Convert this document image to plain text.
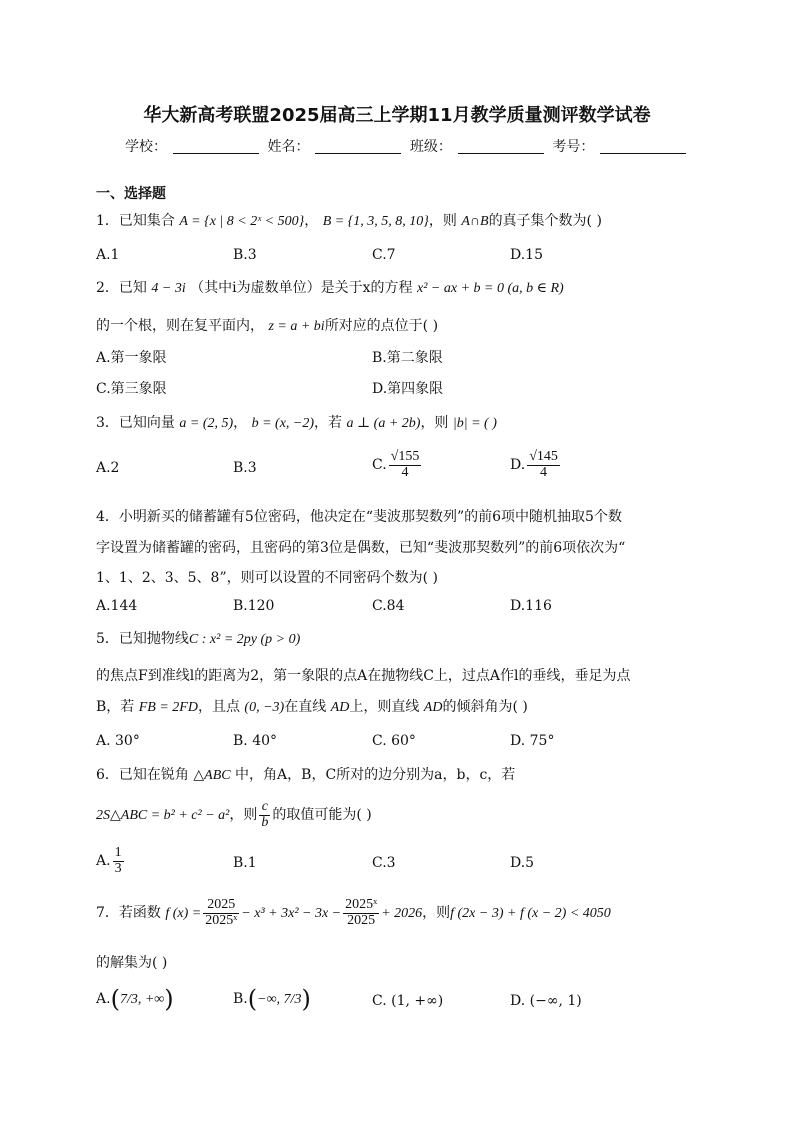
华大新高考联盟2025届高三上学期11月教学质量测评数学试卷
学校：	姓名：	班级：	考号：
一、选择题
1．已知集合 A = {x | 8 < 2ˣ < 500}， B = {1, 3, 5, 8, 10}，则 A∩B的真子集个数为( )
A.1	B.3	C.7	D.15
2．已知 4 − 3i （其中i为虚数单位）是关于x的方程 x² − ax + b = 0 (a, b ∈ R)
的一个根，则在复平面内， z = a + bi所对应的点位于( )
A.第一象限	B.第二象限
C.第三象限	D.第四象限
3．已知向量 a = (2, 5)， b = (x, −2)，若 a ⊥ (a + 2b)，则 |b| = ( )
A.2	B.3	C. $\frac{√155}{4}$	D. $\frac{√145}{4}$
4．小明新买的储蓄罐有5位密码，他决定在“斐波那契数列”的前6项中随机抽取5个数
字设置为储蓄罐的密码，且密码的第3位是偶数，已知“斐波那契数列”的前6项依次为“
1、1、2、3、5、8”，则可以设置的不同密码个数为( )
A.144	B.120	C.84	D.116
5．已知抛物线C : x² = 2py (p > 0)
的焦点F到准线l的距离为2，第一象限的点A在抛物线C上，过点A作l的垂线，垂足为点
B，若 FB = 2FD，且点 (0, −3)在直线 AD上，则直线 AD的倾斜角为( )
A. 30°	B. 40°	C. 60°	D. 75°
6．已知在锐角 △ABC 中，角A，B，C所对的边分别为a，b，c，若
2S△ABC = b² + c² − a²，则 $\frac{c}{b}$ 的取值可能为( )
A. $\frac{1}{3}$	B.1	C.3	D.5
7．若函数 f $(x) = \frac{2025}{\text{2025ˣ}} - x^3 + 3x^2 - 3x - \frac{\text{2025ˣ}}{2025} + 2026$，则f (2x − 3) + f (x − 2) < 4050
的解集为( )
A.(7/3, +∞)	B.(−∞, 7/3)	C. (1, +∞)	D. (−∞, 1)
